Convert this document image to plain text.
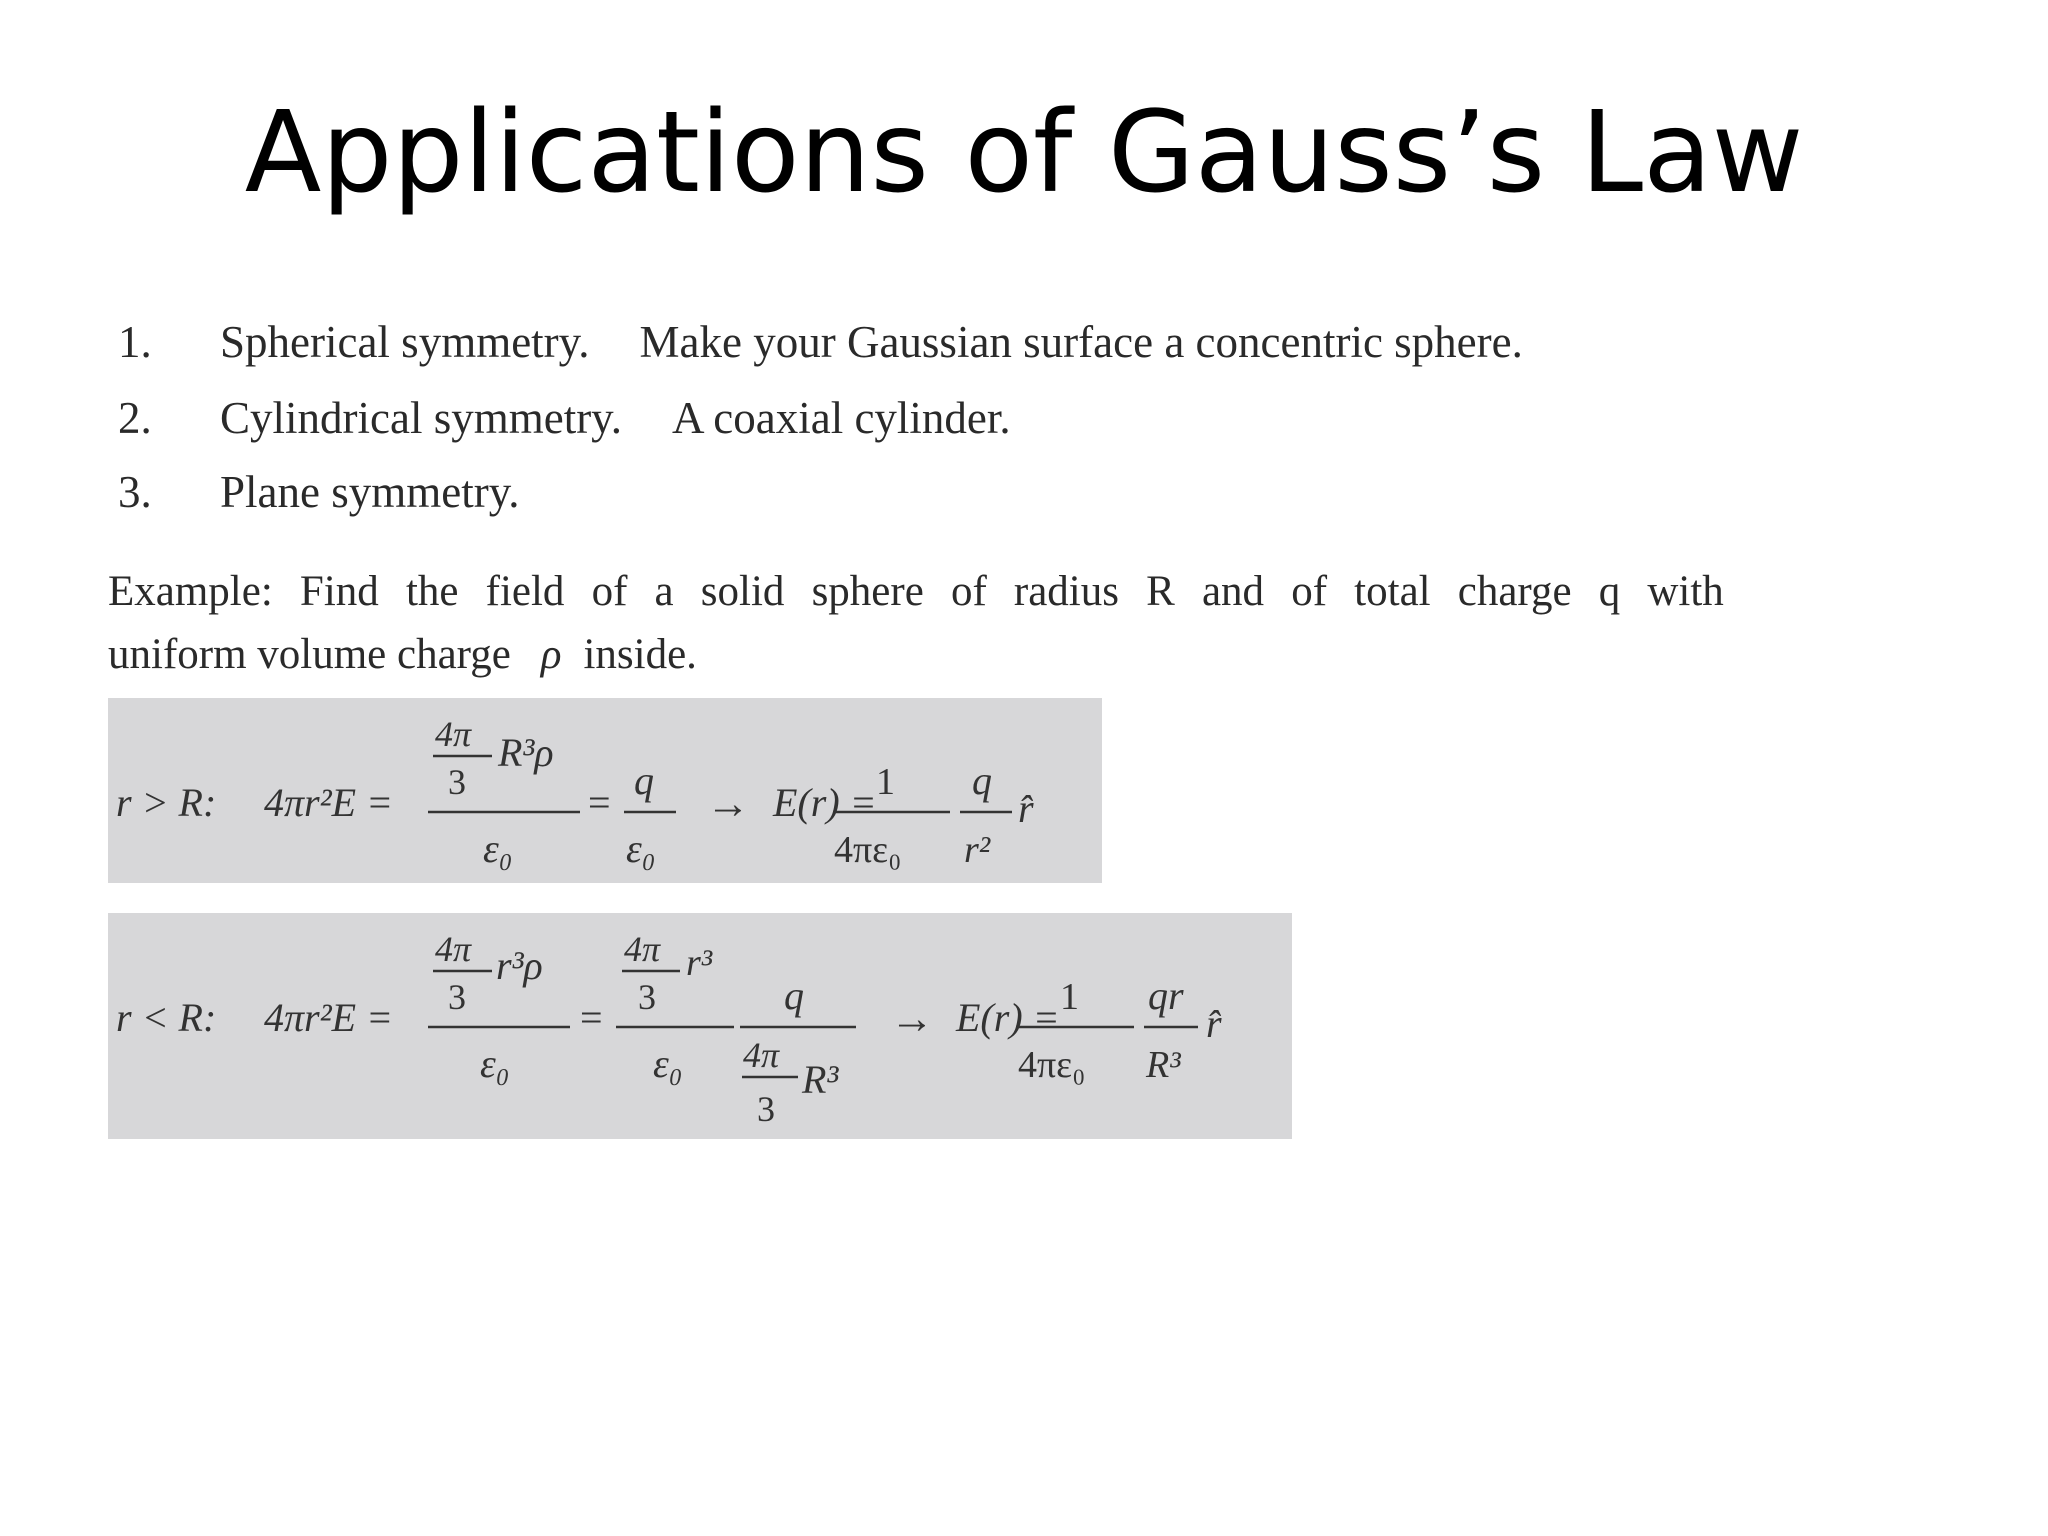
Applications of Gauss’s Law
1. Spherical symmetry. Make your Gaussian surface a concentric sphere.
2. Cylindrical symmetry. A coaxial cylinder.
3. Plane symmetry.
Example: Find the field of a solid sphere of radius R and of total charge q with
uniform volume charge ρ inside.
r > R: 4πr²E =
4π
3
R³ρ
ε₀
= q
ε₀
→ E(r) = 1
4πε₀
q
r²
r̂
r < R: 4πr²E =
4π
3
r³ρ
ε₀
=
4π
3
r³
ε₀
q
4π
3
R³
→ E(r) = 1
4πε₀
qr
R³
r̂
